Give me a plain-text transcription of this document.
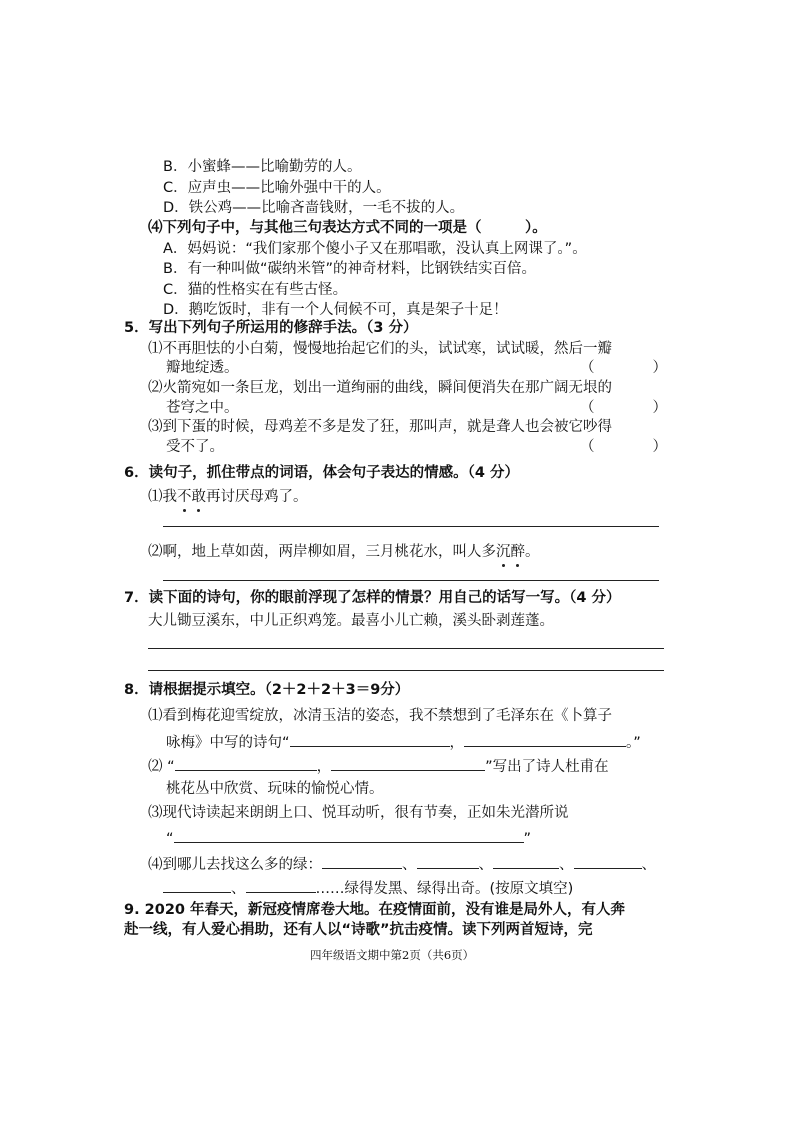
B．小蜜蜂——比喻勤劳的人。
C．应声虫——比喻外强中干的人。
D．铁公鸡——比喻吝啬钱财，一毛不拔的人。
⑷下列句子中，与其他三句表达方式不同的一项是（　　　）。
A．妈妈说：“我们家那个傻小子又在那唱歌，没认真上网课了。”。
B．有一种叫做“碳纳米管”的神奇材料，比钢铁结实百倍。
C．猫的性格实在有些古怪。
D．鹅吃饭时，非有一个人伺候不可，真是架子十足！
5．写出下列句子所运用的修辞手法。（3 分）
⑴不再胆怯的小白菊，慢慢地抬起它们的头，试试寒，试试暖，然后一瓣
瓣地绽透。	（　　　　）
⑵火箭宛如一条巨龙，划出一道绚丽的曲线，瞬间便消失在那广阔无垠的
苍穹之中。	（　　　　）
⑶到下蛋的时候，母鸡差不多是发了狂，那叫声，就是聋人也会被它吵得
受不了。	（　　　　）
6．读句子，抓住带点的词语，体会句子表达的情感。（4 分）
⑴我不敢再讨厌母鸡了。
⑵啊，地上草如茵，两岸柳如眉，三月桃花水，叫人多沉醉。
7．读下面的诗句，你的眼前浮现了怎样的情景？用自己的话写一写。（4 分）
大儿锄豆溪东，中儿正织鸡笼。最喜小儿亡赖，溪头卧剥莲蓬。
8．请根据提示填空。（2＋2＋2＋3＝9分）
⑴看到梅花迎雪绽放，冰清玉洁的姿态，我不禁想到了毛泽东在《卜算子
咏梅》中写的诗句“	，	。”
⑵ “	，	”写出了诗人杜甫在
桃花丛中欣赏、玩味的愉悦心情。
⑶现代诗读起来朗朗上口、悦耳动听，很有节奏，正如朱光潜所说
“	”
⑷到哪儿去找这么多的绿：	、	、	、	、
、	……绿得发黑、绿得出奇。(按原文填空)
9. 2020 年春天，新冠疫情席卷大地。在疫情面前，没有谁是局外人，有人奔
赴一线，有人爱心捐助，还有人以“诗歌”抗击疫情。读下列两首短诗，完
四年级语文期中第2页（共6页）
